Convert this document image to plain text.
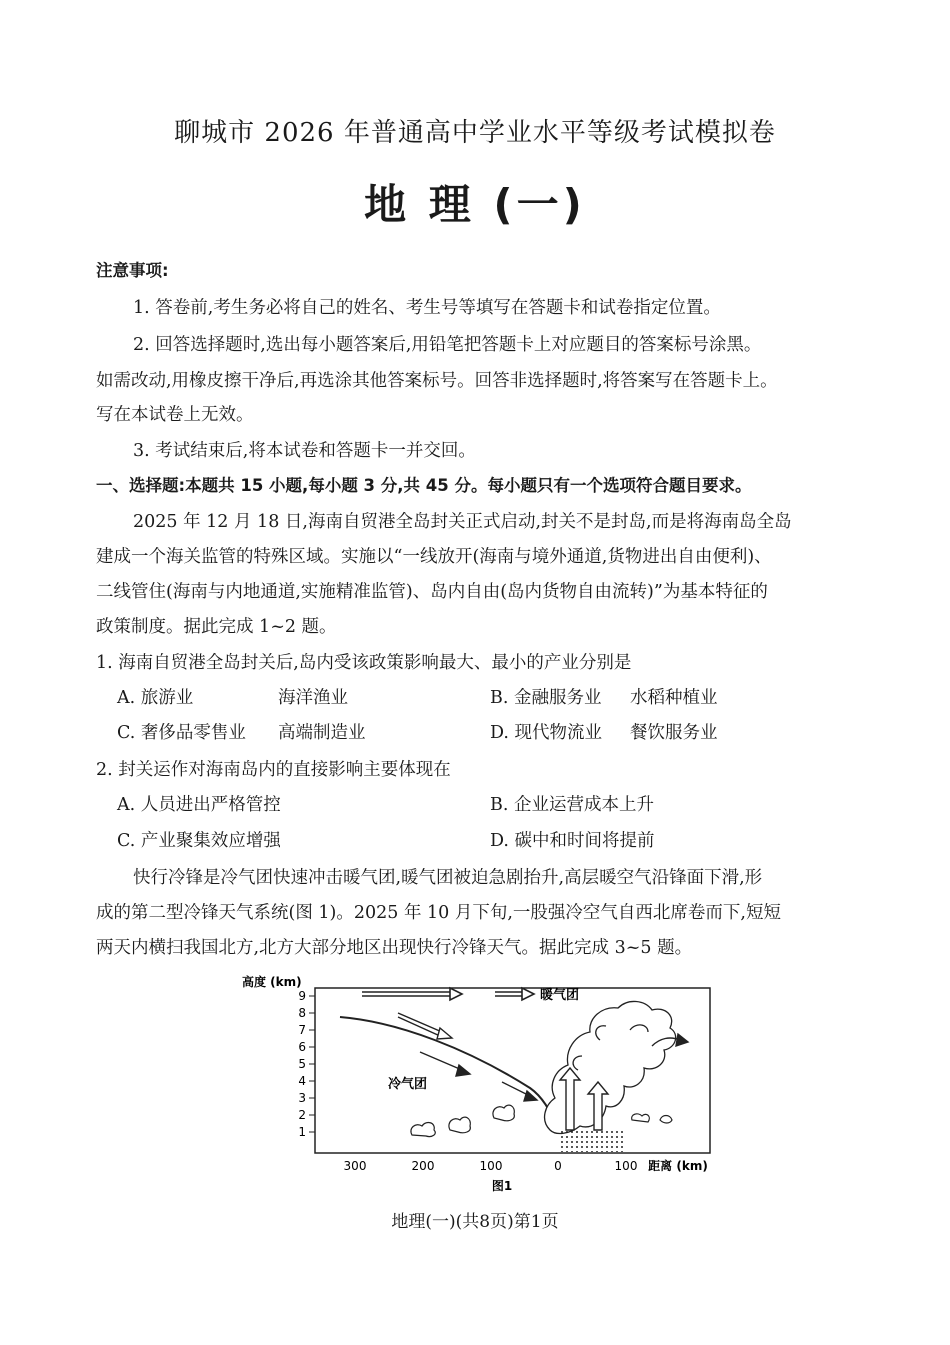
聊城市 2026 年普通高中学业水平等级考试模拟卷
地 理 (一)
注意事项:
1. 答卷前,考生务必将自己的姓名、考生号等填写在答题卡和试卷指定位置。
2. 回答选择题时,选出每小题答案后,用铅笔把答题卡上对应题目的答案标号涂黑。
如需改动,用橡皮擦干净后,再选涂其他答案标号。回答非选择题时,将答案写在答题卡上。
写在本试卷上无效。
3. 考试结束后,将本试卷和答题卡一并交回。
一、选择题:本题共 15 小题,每小题 3 分,共 45 分。每小题只有一个选项符合题目要求。
2025 年 12 月 18 日,海南自贸港全岛封关正式启动,封关不是封岛,而是将海南岛全岛
建成一个海关监管的特殊区域。实施以“一线放开(海南与境外通道,货物进出自由便利)、
二线管住(海南与内地通道,实施精准监管)、岛内自由(岛内货物自由流转)”为基本特征的
政策制度。据此完成 1~2 题。
1. 海南自贸港全岛封关后,岛内受该政策影响最大、最小的产业分别是
A. 旅游业	海洋渔业	B. 金融服务业 水稻种植业
C. 奢侈品零售业 高端制造业	D. 现代物流业 餐饮服务业
2. 封关运作对海南岛内的直接影响主要体现在
A. 人员进出严格管控	B. 企业运营成本上升
C. 产业聚集效应增强	D. 碳中和时间将提前
快行冷锋是冷气团快速冲击暖气团,暖气团被迫急剧抬升,高层暖空气沿锋面下滑,形
成的第二型冷锋天气系统(图 1)。2025 年 10 月下旬,一股强冷空气自西北席卷而下,短短
两天内横扫我国北方,北方大部分地区出现快行冷锋天气。据此完成 3~5 题。
高度 (km)
9
8
7
6
5
4
3
2
1
300	200	100	0	100 距离 (km)
图1
暖气团
冷气团
地理(一)(共8页)第1页
